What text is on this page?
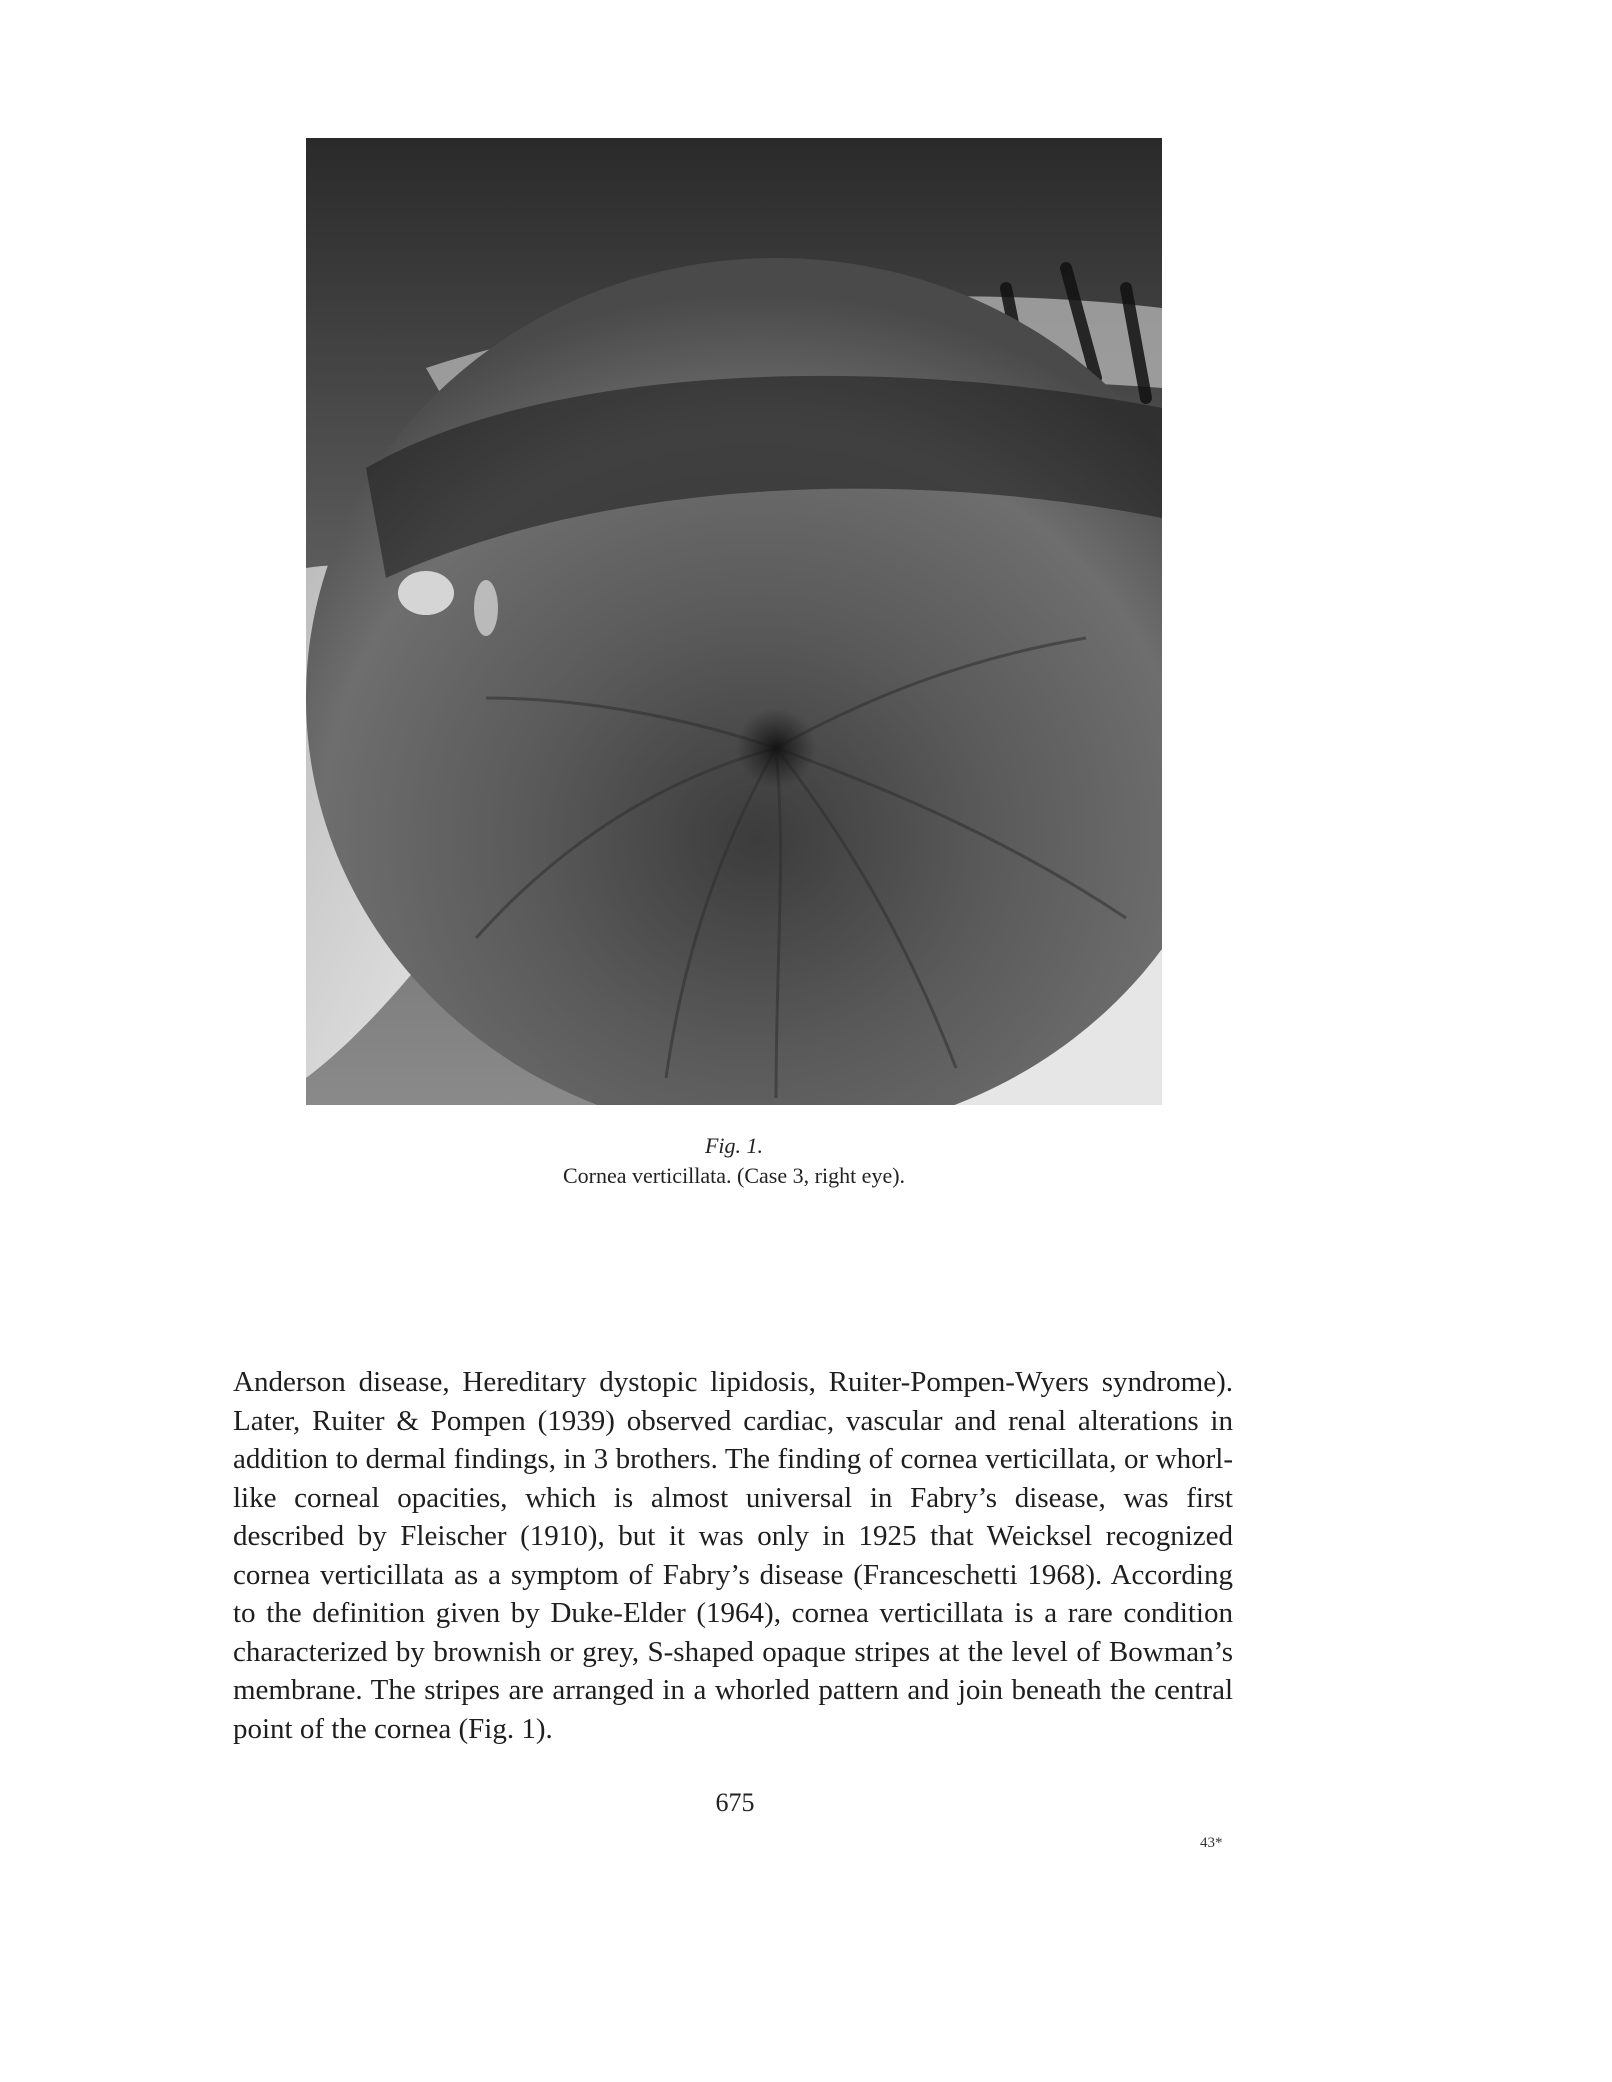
Fig. 1.
Cornea verticillata. (Case 3, right eye).

Anderson disease, Hereditary dystopic lipidosis, Ruiter-Pompen-Wyers syndrome). Later, Ruiter & Pompen (1939) observed cardiac, vascular and renal alterations in addition to dermal findings, in 3 brothers. The finding of cornea verticillata, or whorl-like corneal opacities, which is almost universal in Fabry’s disease, was first described by Fleischer (1910), but it was only in 1925 that Weicksel recognized cornea verticillata as a symptom of Fabry’s disease (Franceschetti 1968). According to the definition given by Duke-Elder (1964), cornea verticillata is a rare condition characterized by brownish or grey, S-shaped opaque stripes at the level of Bowman’s membrane. The stripes are arranged in a whorled pattern and join beneath the central point of the cornea (Fig. 1).

675
43*
